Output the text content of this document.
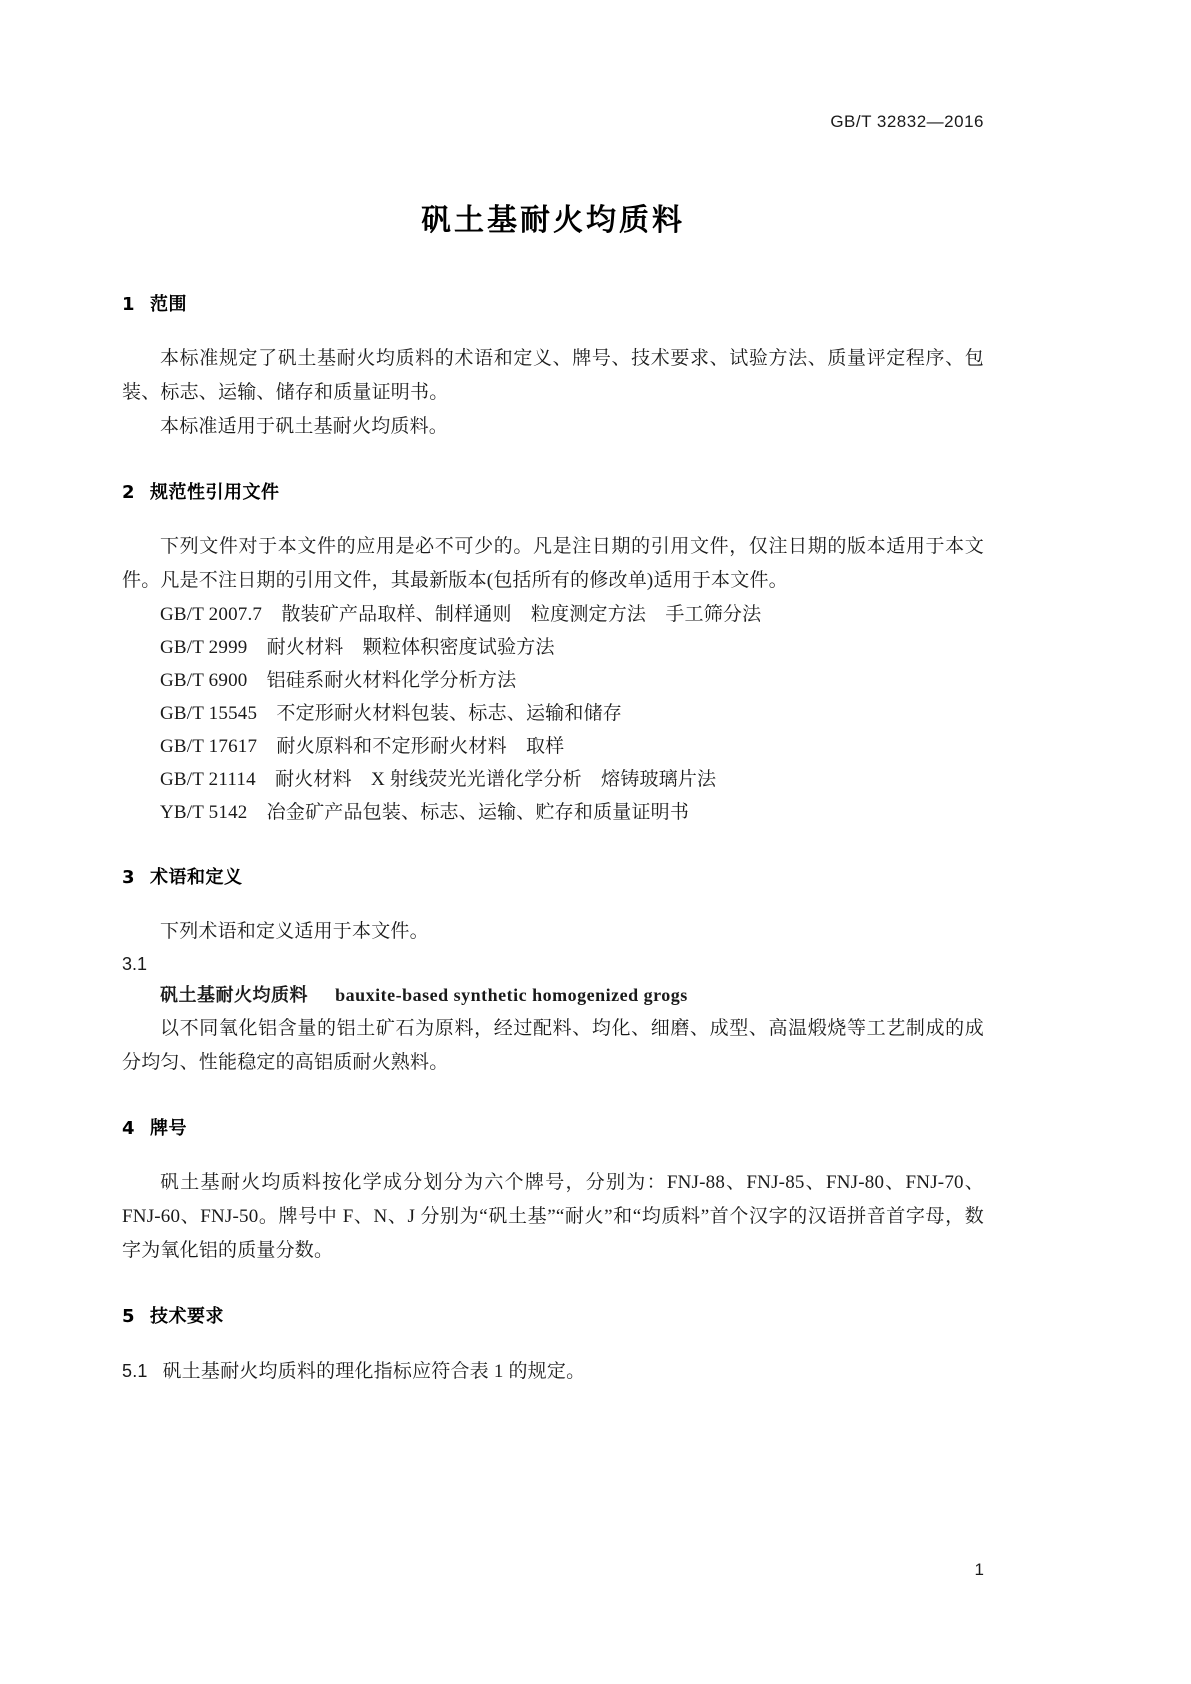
GB/T 32832—2016
矾土基耐火均质料
1 范围

本标准规定了矾土基耐火均质料的术语和定义、牌号、技术要求、试验方法、质量评定程序、包装、标志、运输、储存和质量证明书。

本标准适用于矾土基耐火均质料。

2 规范性引用文件

下列文件对于本文件的应用是必不可少的。凡是注日期的引用文件，仅注日期的版本适用于本文件。凡是不注日期的引用文件，其最新版本(包括所有的修改单)适用于本文件。

GB/T 2007.7　散装矿产品取样、制样通则　粒度测定方法　手工筛分法

GB/T 2999　耐火材料　颗粒体积密度试验方法

GB/T 6900　铝硅系耐火材料化学分析方法

GB/T 15545　不定形耐火材料包装、标志、运输和储存

GB/T 17617　耐火原料和不定形耐火材料　取样

GB/T 21114　耐火材料　X 射线荧光光谱化学分析　熔铸玻璃片法

YB/T 5142　冶金矿产品包装、标志、运输、贮存和质量证明书

3 术语和定义

下列术语和定义适用于本文件。

3.1

矾土基耐火均质料 bauxite-based synthetic homogenized grogs

以不同氧化铝含量的铝土矿石为原料，经过配料、均化、细磨、成型、高温煅烧等工艺制成的成分均匀、性能稳定的高铝质耐火熟料。

4 牌号

矾土基耐火均质料按化学成分划分为六个牌号，分别为：FNJ-88、FNJ-85、FNJ-80、FNJ-70、FNJ-60、FNJ-50。牌号中 F、N、J 分别为“矾土基”“耐火”和“均质料”首个汉字的汉语拼音首字母，数字为氧化铝的质量分数。

5 技术要求

5.1 矾土基耐火均质料的理化指标应符合表 1 的规定。

1
